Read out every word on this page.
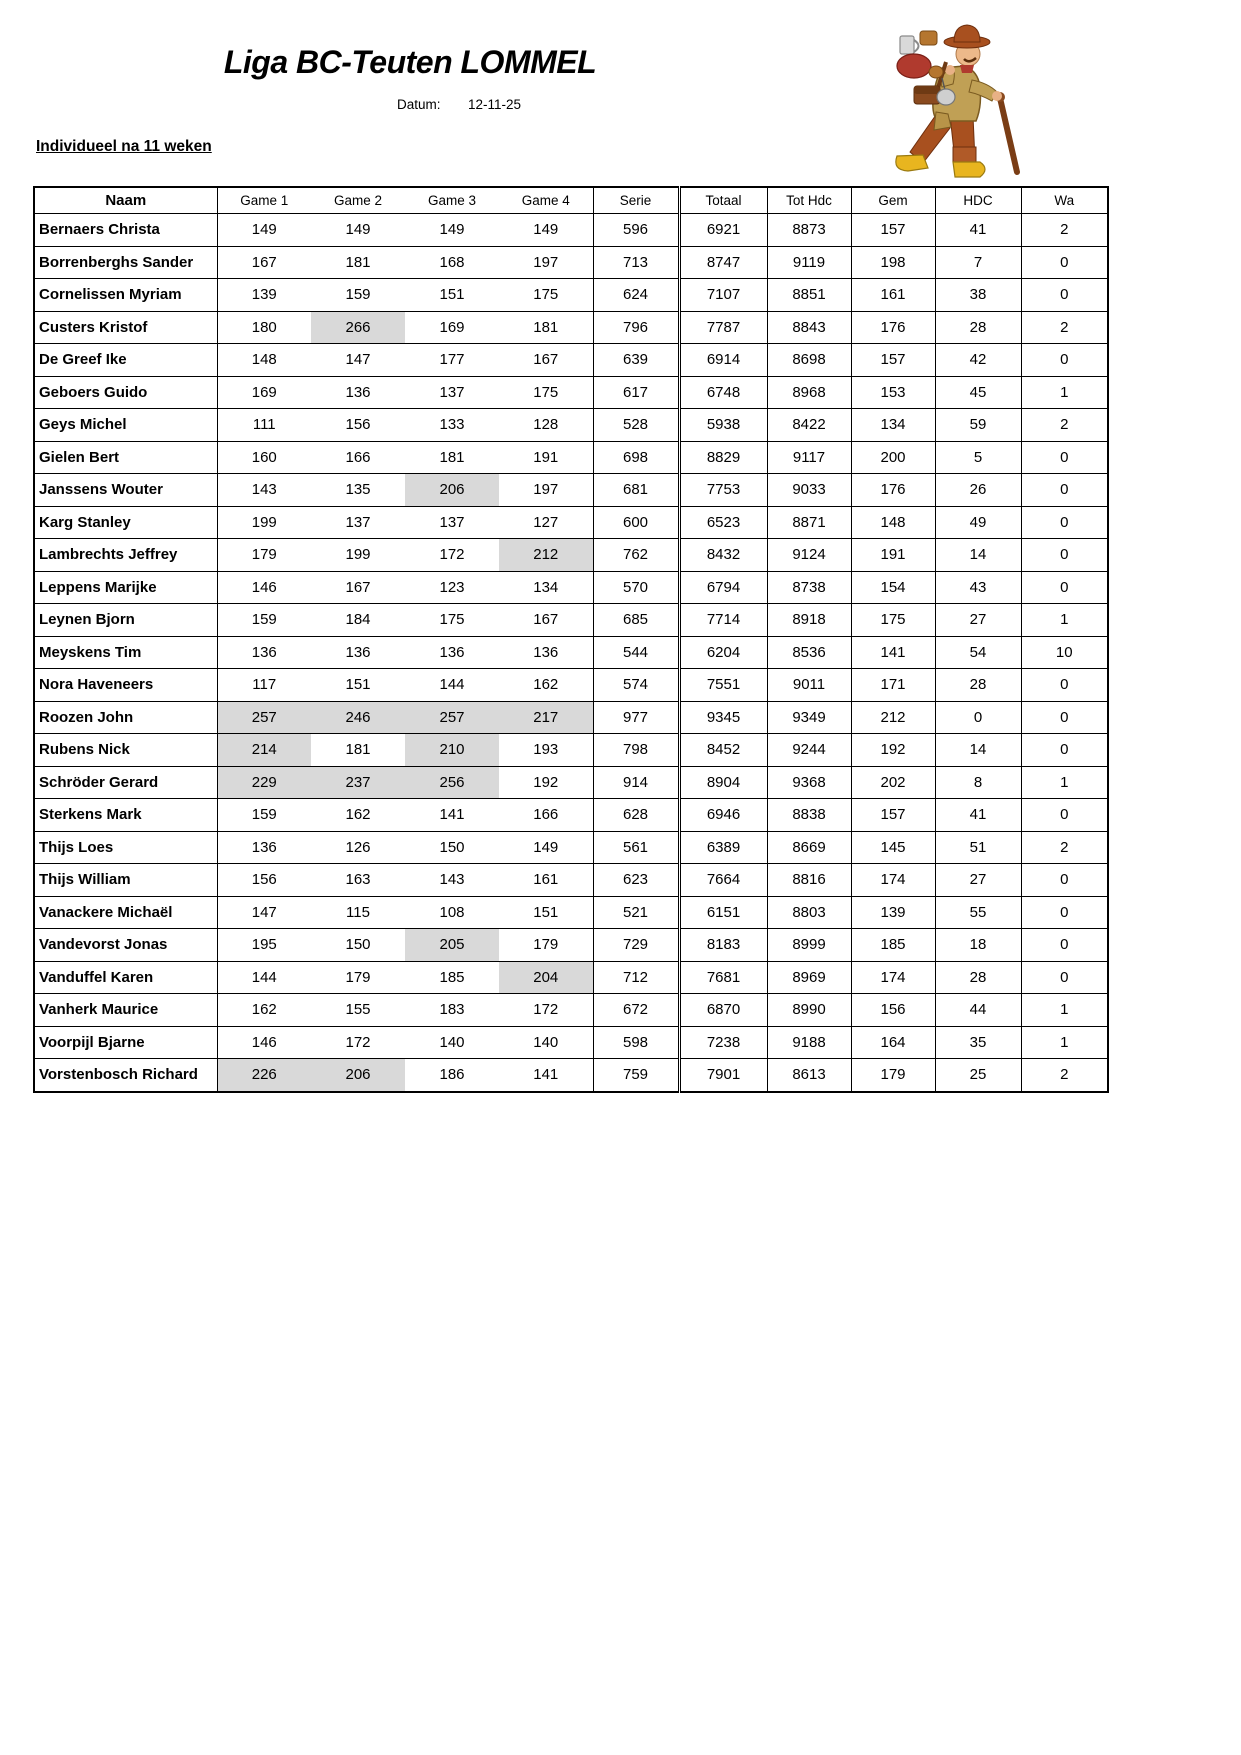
Liga BC-Teuten LOMMEL
Datum: 12-11-25
Individueel na 11 weken
Naam	Game 1	Game 2	Game 3	Game 4	Serie	Totaal	Tot Hdc	Gem	HDC	Wa
Bernaers Christa	149	149	149	149	596	6921	8873	157	41	2
Borrenberghs Sander	167	181	168	197	713	8747	9119	198	7	0
Cornelissen Myriam	139	159	151	175	624	7107	8851	161	38	0
Custers Kristof	180	266	169	181	796	7787	8843	176	28	2
De Greef Ike	148	147	177	167	639	6914	8698	157	42	0
Geboers Guido	169	136	137	175	617	6748	8968	153	45	1
Geys Michel	111	156	133	128	528	5938	8422	134	59	2
Gielen Bert	160	166	181	191	698	8829	9117	200	5	0
Janssens Wouter	143	135	206	197	681	7753	9033	176	26	0
Karg Stanley	199	137	137	127	600	6523	8871	148	49	0
Lambrechts Jeffrey	179	199	172	212	762	8432	9124	191	14	0
Leppens Marijke	146	167	123	134	570	6794	8738	154	43	0
Leynen Bjorn	159	184	175	167	685	7714	8918	175	27	1
Meyskens Tim	136	136	136	136	544	6204	8536	141	54	10
Nora Haveneers	117	151	144	162	574	7551	9011	171	28	0
Roozen John	257	246	257	217	977	9345	9349	212	0	0
Rubens Nick	214	181	210	193	798	8452	9244	192	14	0
Schröder Gerard	229	237	256	192	914	8904	9368	202	8	1
Sterkens Mark	159	162	141	166	628	6946	8838	157	41	0
Thijs Loes	136	126	150	149	561	6389	8669	145	51	2
Thijs William	156	163	143	161	623	7664	8816	174	27	0
Vanackere Michaël	147	115	108	151	521	6151	8803	139	55	0
Vandevorst Jonas	195	150	205	179	729	8183	8999	185	18	0
Vanduffel Karen	144	179	185	204	712	7681	8969	174	28	0
Vanherk Maurice	162	155	183	172	672	6870	8990	156	44	1
Voorpijl Bjarne	146	172	140	140	598	7238	9188	164	35	1
Vorstenbosch Richard	226	206	186	141	759	7901	8613	179	25	2
